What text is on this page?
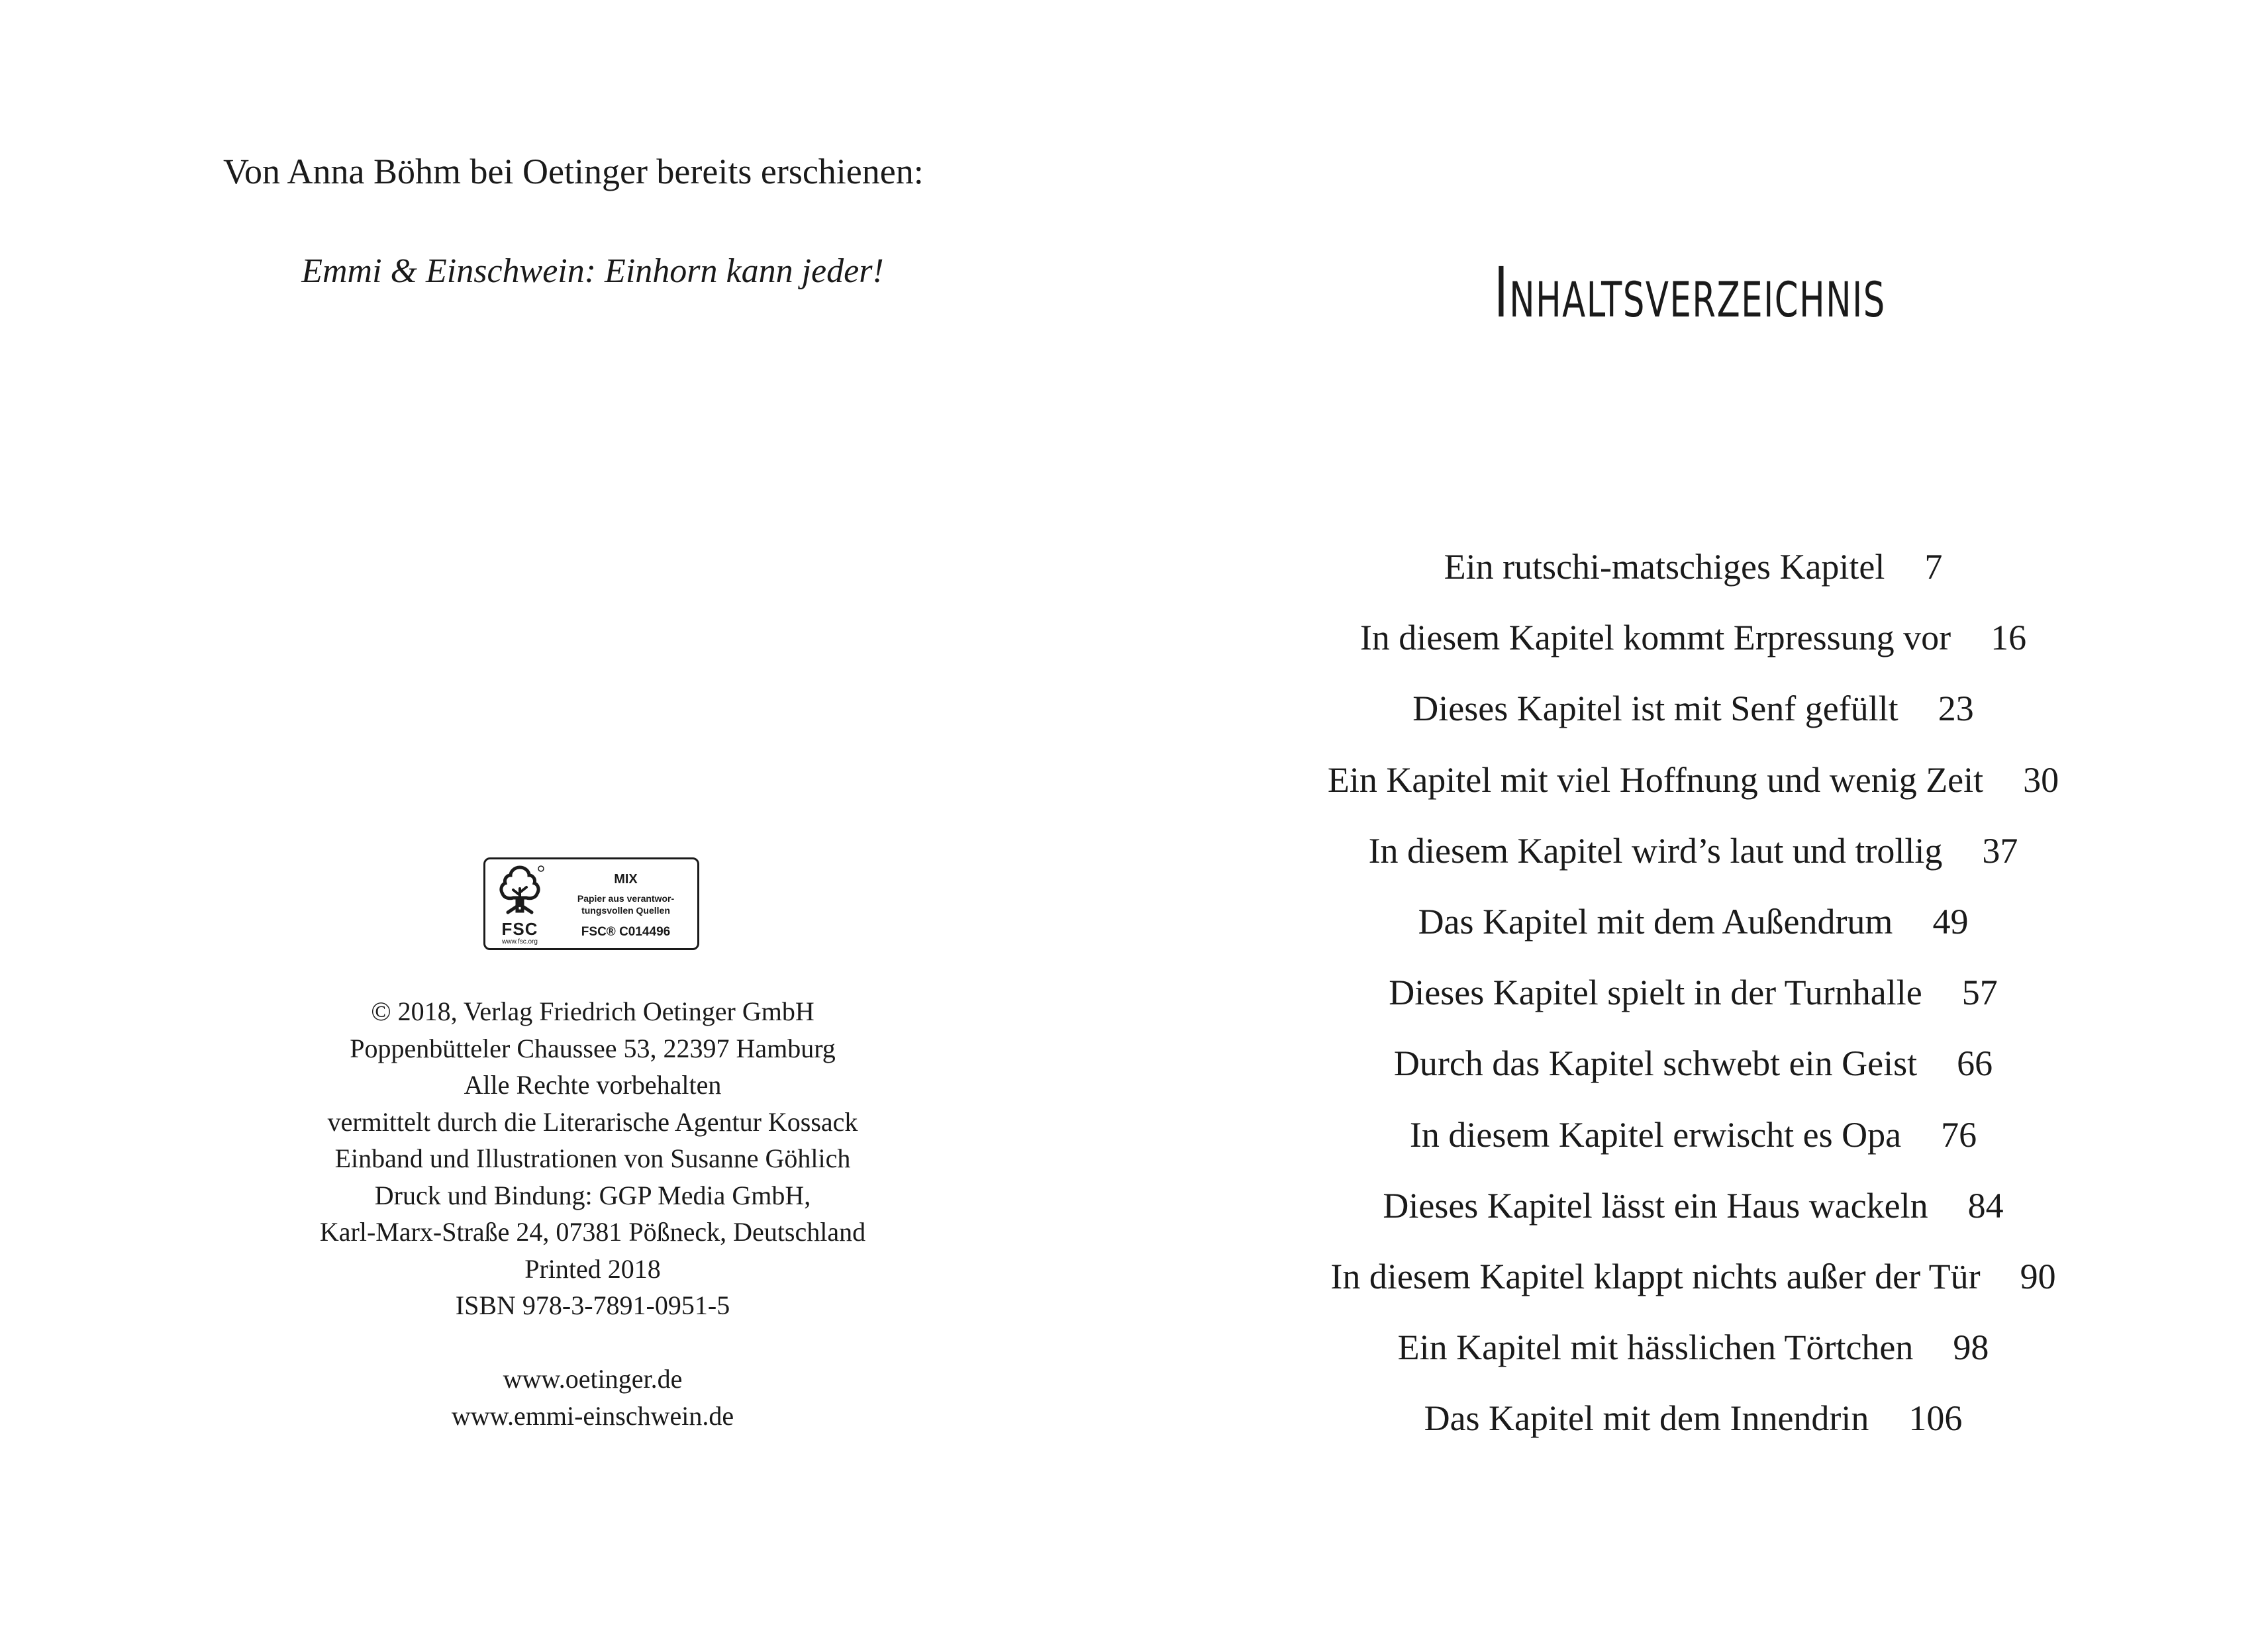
Von Anna Böhm bei Oetinger bereits erschienen:
Emmi & Einschwein: Einhorn kann jeder!
FSC
www.fsc.org
MIX
Papier aus verantwor-
tungsvollen Quellen
FSC® C014496
© 2018, Verlag Friedrich Oetinger GmbH
Poppenbütteler Chaussee 53, 22397 Hamburg
Alle Rechte vorbehalten
vermittelt durch die Literarische Agentur Kossack
Einband und Illustrationen von Susanne Göhlich
Druck und Bindung: GGP Media GmbH,
Karl-Marx-Straße 24, 07381 Pößneck, Deutschland
Printed 2018
ISBN 978-3-7891-0951-5
www.oetinger.de
www.emmi-einschwein.de
Inhaltsverzeichnis
Ein rutschi-matschiges Kapitel 7
In diesem Kapitel kommt Erpressung vor 16
Dieses Kapitel ist mit Senf gefüllt 23
Ein Kapitel mit viel Hoffnung und wenig Zeit 30
In diesem Kapitel wird’s laut und trollig 37
Das Kapitel mit dem Außendrum 49
Dieses Kapitel spielt in der Turnhalle 57
Durch das Kapitel schwebt ein Geist 66
In diesem Kapitel erwischt es Opa 76
Dieses Kapitel lässt ein Haus wackeln 84
In diesem Kapitel klappt nichts außer der Tür 90
Ein Kapitel mit hässlichen Törtchen 98
Das Kapitel mit dem Innendrin 106
